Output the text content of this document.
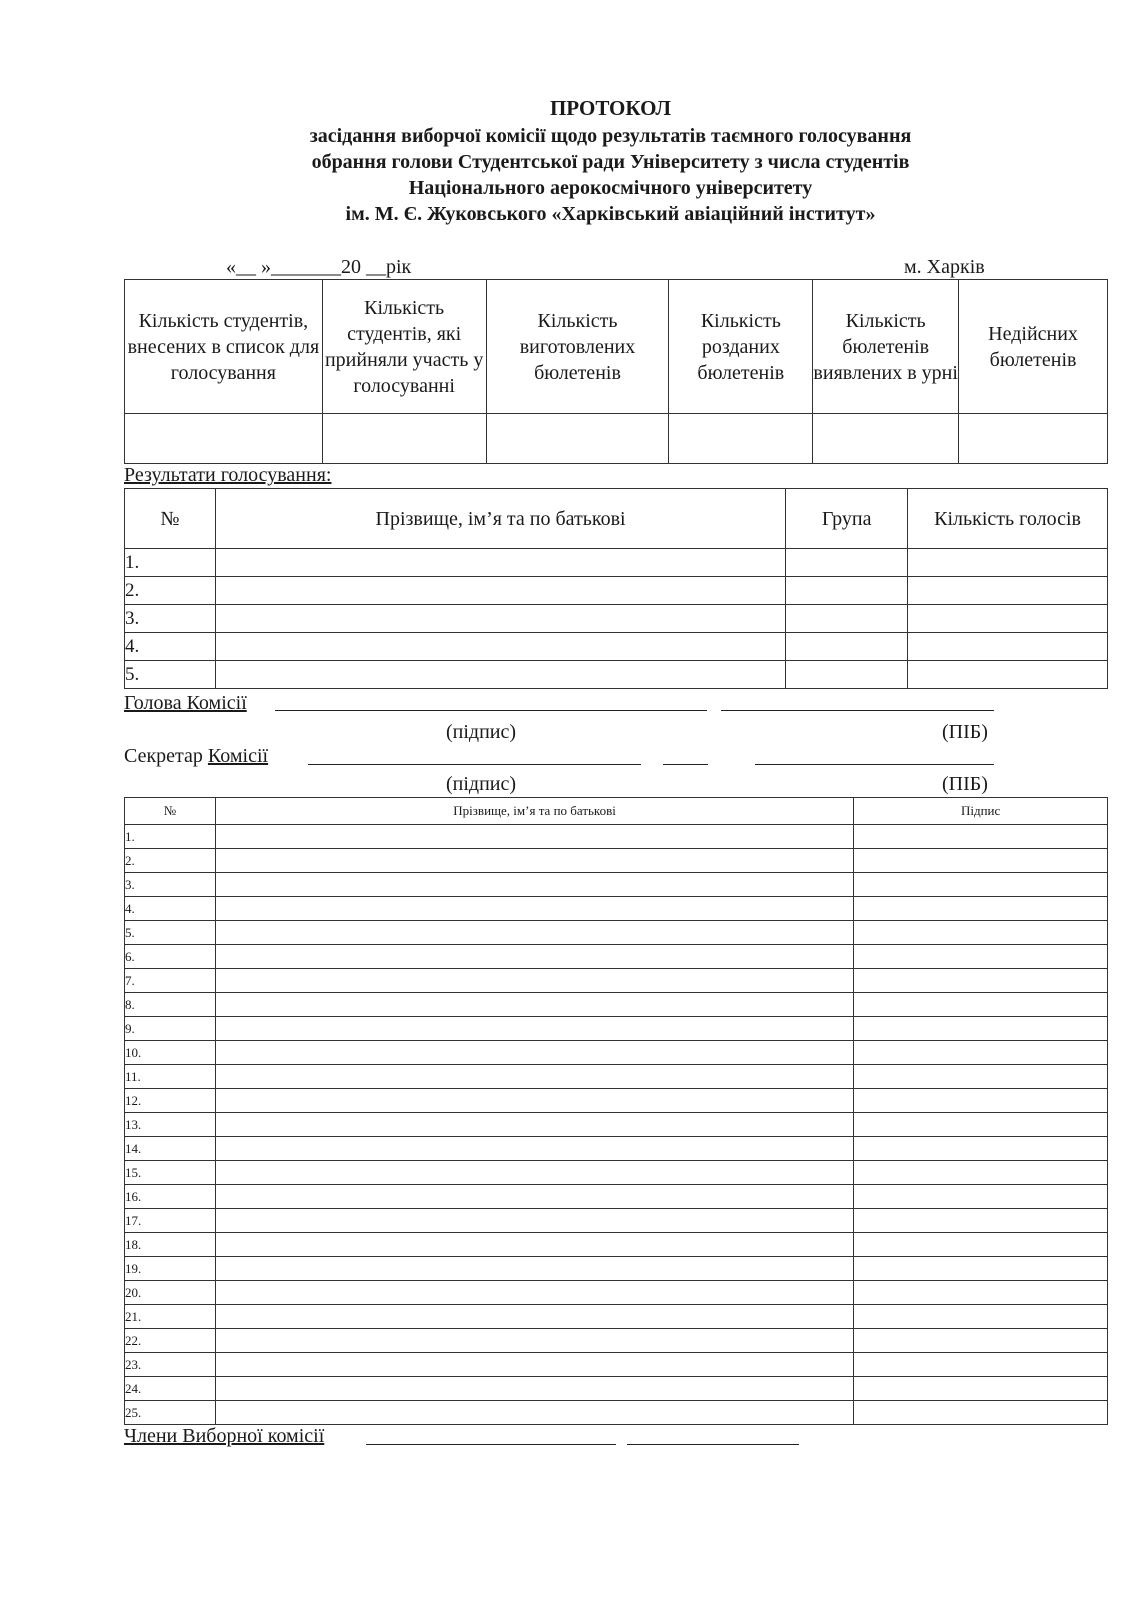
ПРОТОКОЛ
засідання виборчої комісії щодо результатів таємного голосування
обрання голови Студентської ради Університету з числа студентів
Національного аерокосмічного університету
ім. М. Є. Жуковського «Харківський авіаційний інститут»
«__ »_______20 __рік	м. Харків
Кількість студентів, внесених в список для голосування	Кількість студентів, які прийняли участь у голосуванні	Кількість виготовлених бюлетенів	Кількість розданих бюлетенів	Кількість бюлетенів виявлених в урні	Недійсних бюлетенів

Результати голосування:
№	Прізвище, ім’я та по батькові	Група	Кількість голосів
1.			
2.			
3.			
4.			
5.			
Голова Комісії
(підпис)	(ПІБ)
Секретар Комісії
(підпис)	(ПІБ)
№	Прізвище, ім’я та по батькові	Підпис
1.		
2.		
3.		
4.		
5.		
6.		
7.		
8.		
9.		
10.		
11.		
12.		
13.		
14.		
15.		
16.		
17.		
18.		
19.		
20.		
21.		
22.		
23.		
24.		
25.		
Члени Виборної комісії
